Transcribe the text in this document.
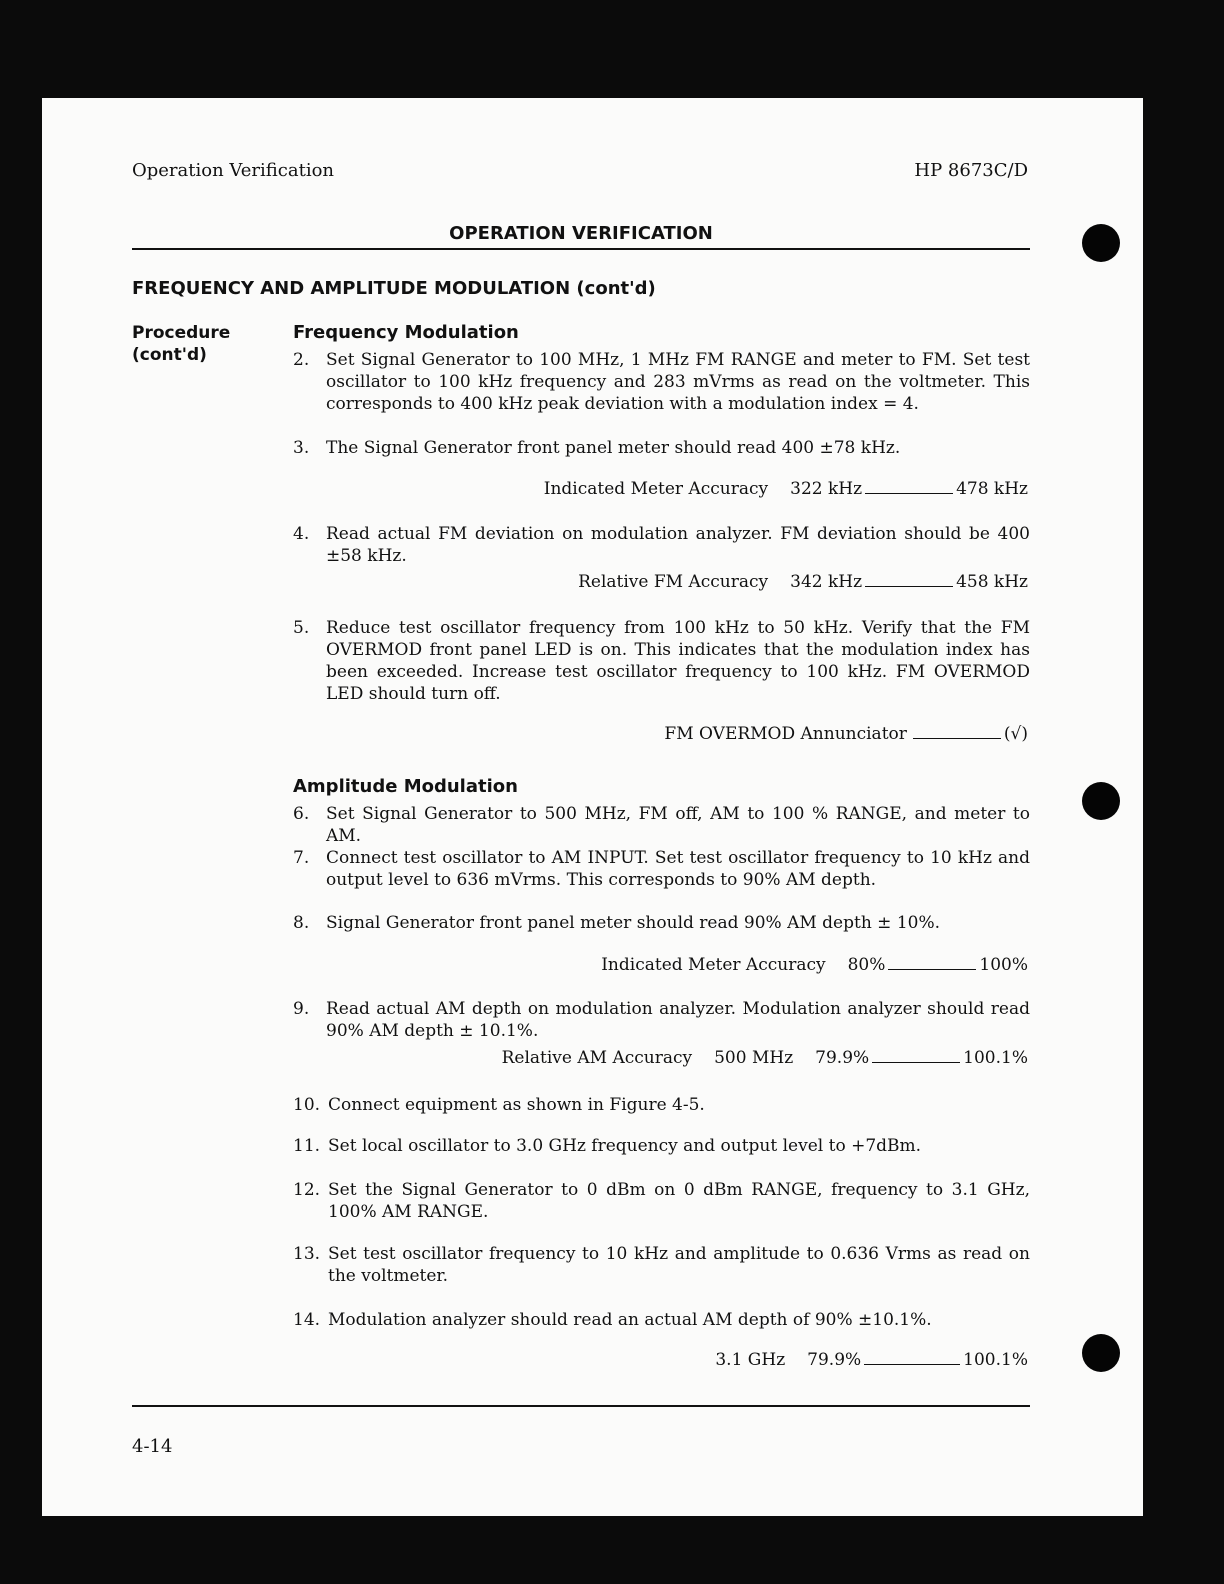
Operation Verification	HP 8673C/D
OPERATION VERIFICATION
FREQUENCY AND AMPLITUDE MODULATION (cont'd)
Procedure
(cont'd)
Frequency Modulation
2. Set Signal Generator to 100 MHz, 1 MHz FM RANGE and meter to FM. Set test oscillator to 100 kHz frequency and 283 mVrms as read on the voltmeter. This corresponds to 400 kHz peak deviation with a modulation index = 4.
3. The Signal Generator front panel meter should read 400 ±78 kHz.
Indicated Meter Accuracy 322 kHz	478 kHz
4. Read actual FM deviation on modulation analyzer. FM deviation should be 400 ±58 kHz.
Relative FM Accuracy 342 kHz	458 kHz
5. Reduce test oscillator frequency from 100 kHz to 50 kHz. Verify that the FM OVERMOD front panel LED is on. This indicates that the modulation index has been exceeded. Increase test oscillator frequency to 100 kHz. FM OVERMOD LED should turn off.
FM OVERMOD Annunciator	(√)
Amplitude Modulation
6. Set Signal Generator to 500 MHz, FM off, AM to 100 % RANGE, and meter to AM.
7. Connect test oscillator to AM INPUT. Set test oscillator frequency to 10 kHz and output level to 636 mVrms. This corresponds to 90% AM depth.
8. Signal Generator front panel meter should read 90% AM depth ± 10%.
Indicated Meter Accuracy 80%	100%
9. Read actual AM depth on modulation analyzer. Modulation analyzer should read 90% AM depth ± 10.1%.
Relative AM Accuracy 500 MHz 79.9%	100.1%
10. Connect equipment as shown in Figure 4-5.
11. Set local oscillator to 3.0 GHz frequency and output level to +7dBm.
12. Set the Signal Generator to 0 dBm on 0 dBm RANGE, frequency to 3.1 GHz, 100% AM RANGE.
13. Set test oscillator frequency to 10 kHz and amplitude to 0.636 Vrms as read on the voltmeter.
14. Modulation analyzer should read an actual AM depth of 90% ±10.1%.
3.1 GHz 79.9%	100.1%
4-14
